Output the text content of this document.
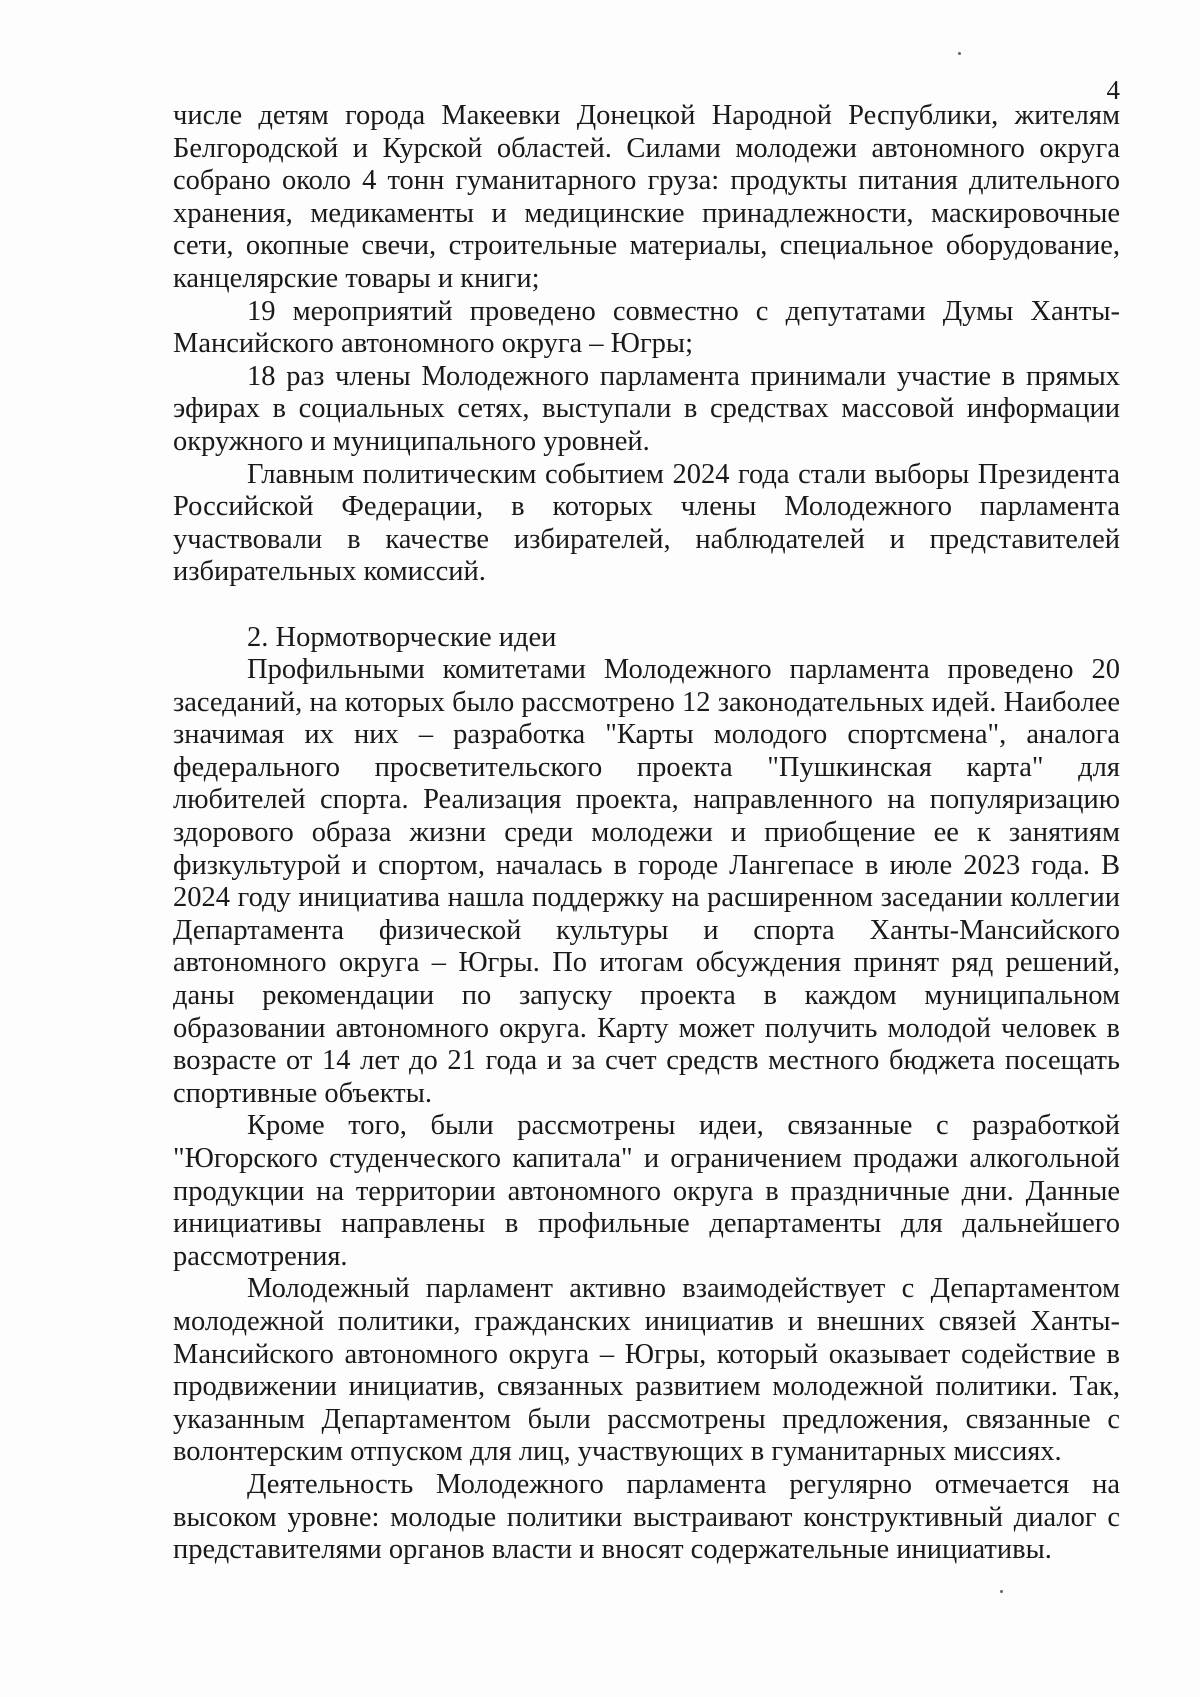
4

числе детям города Макеевки Донецкой Народной Республики, жителям Белгородской и Курской областей. Силами молодежи автономного округа собрано около 4 тонн гуманитарного груза: продукты питания длительного хранения, медикаменты и медицинские принадлежности, маскировочные сети, окопные свечи, строительные материалы, специальное оборудование, канцелярские товары и книги;

19 мероприятий проведено совместно с депутатами Думы Ханты-Мансийского автономного округа – Югры;

18 раз члены Молодежного парламента принимали участие в прямых эфирах в социальных сетях, выступали в средствах массовой информации окружного и муниципального уровней.

Главным политическим событием 2024 года стали выборы Президента Российской Федерации, в которых члены Молодежного парламента участвовали в качестве избирателей, наблюдателей и представителей избирательных комиссий.

2. Нормотворческие идеи

Профильными комитетами Молодежного парламента проведено 20 заседаний, на которых было рассмотрено 12 законодательных идей. Наиболее значимая их них – разработка "Карты молодого спортсмена", аналога федерального просветительского проекта "Пушкинская карта" для любителей спорта. Реализация проекта, направленного на популяризацию здорового образа жизни среди молодежи и приобщение ее к занятиям физкультурой и спортом, началась в городе Лангепасе в июле 2023 года. В 2024 году инициатива нашла поддержку на расширенном заседании коллегии Департамента физической культуры и спорта Ханты-Мансийского автономного округа – Югры. По итогам обсуждения принят ряд решений, даны рекомендации по запуску проекта в каждом муниципальном образовании автономного округа. Карту может получить молодой человек в возрасте от 14 лет до 21 года и за счет средств местного бюджета посещать спортивные объекты.

Кроме того, были рассмотрены идеи, связанные с разработкой "Югорского студенческого капитала" и ограничением продажи алкогольной продукции на территории автономного округа в праздничные дни. Данные инициативы направлены в профильные департаменты для дальнейшего рассмотрения.

Молодежный парламент активно взаимодействует с Департаментом молодежной политики, гражданских инициатив и внешних связей Ханты-Мансийского автономного округа – Югры, который оказывает содействие в продвижении инициатив, связанных развитием молодежной политики. Так, указанным Департаментом были рассмотрены предложения, связанные с волонтерским отпуском для лиц, участвующих в гуманитарных миссиях.

Деятельность Молодежного парламента регулярно отмечается на высоком уровне: молодые политики выстраивают конструктивный диалог с представителями органов власти и вносят содержательные инициативы.
